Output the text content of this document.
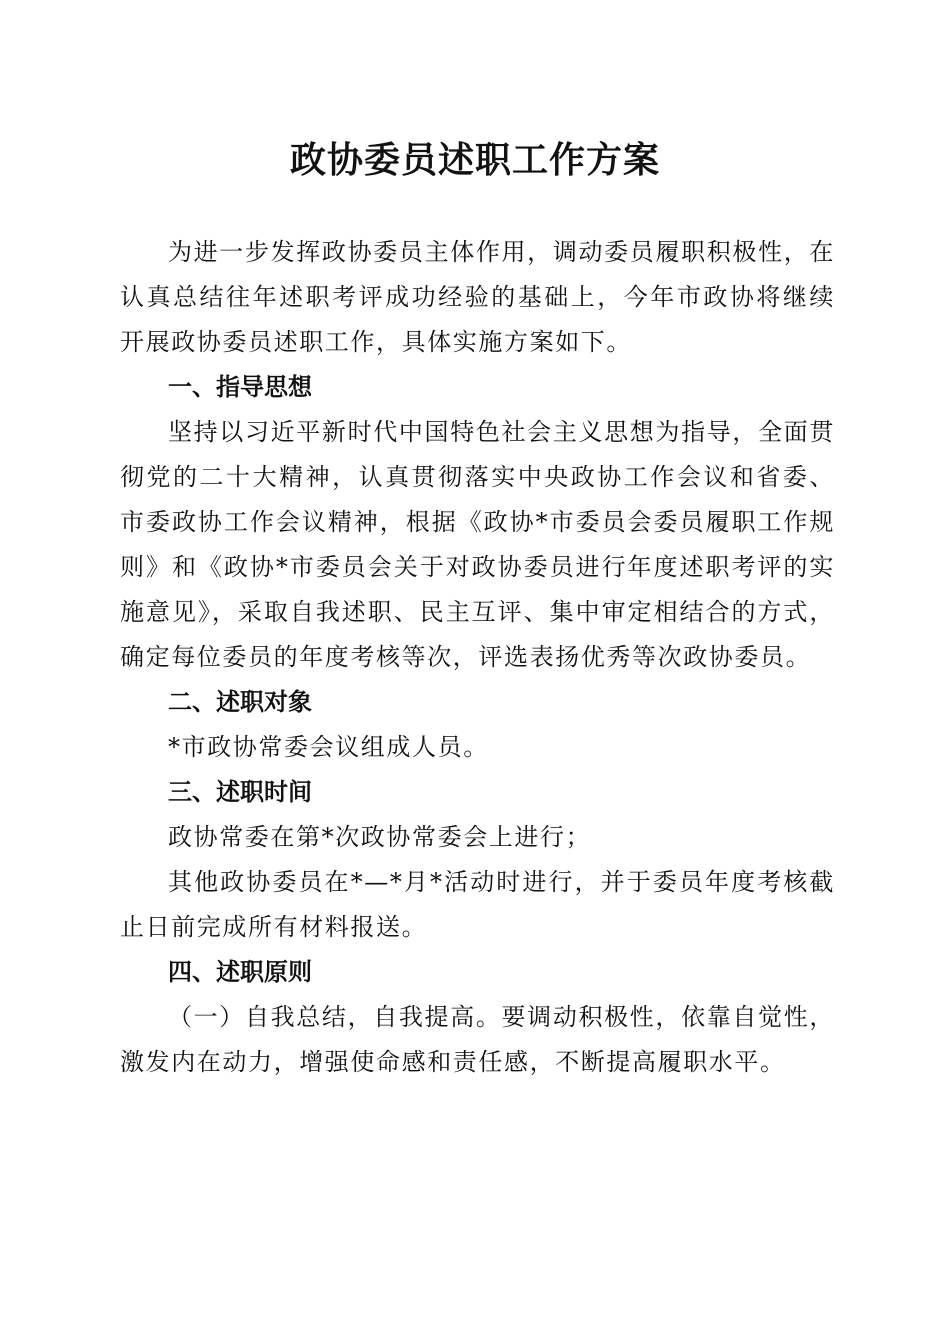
政协委员述职工作方案

为进一步发挥政协委员主体作用，调动委员履职积极性，在认真总结往年述职考评成功经验的基础上，今年市政协将继续开展政协委员述职工作，具体实施方案如下。

一、指导思想

坚持以习近平新时代中国特色社会主义思想为指导，全面贯彻党的二十大精神，认真贯彻落实中央政协工作会议和省委、市委政协工作会议精神，根据《政协*市委员会委员履职工作规则》和《政协*市委员会关于对政协委员进行年度述职考评的实施意见》，采取自我述职、民主互评、集中审定相结合的方式，确定每位委员的年度考核等次，评选表扬优秀等次政协委员。

二、述职对象

*市政协常委会议组成人员。

三、述职时间

政协常委在第*次政协常委会上进行；

其他政协委员在*—*月*活动时进行，并于委员年度考核截止日前完成所有材料报送。

四、述职原则

（一）自我总结，自我提高。要调动积极性，依靠自觉性，激发内在动力，增强使命感和责任感，不断提高履职水平。
